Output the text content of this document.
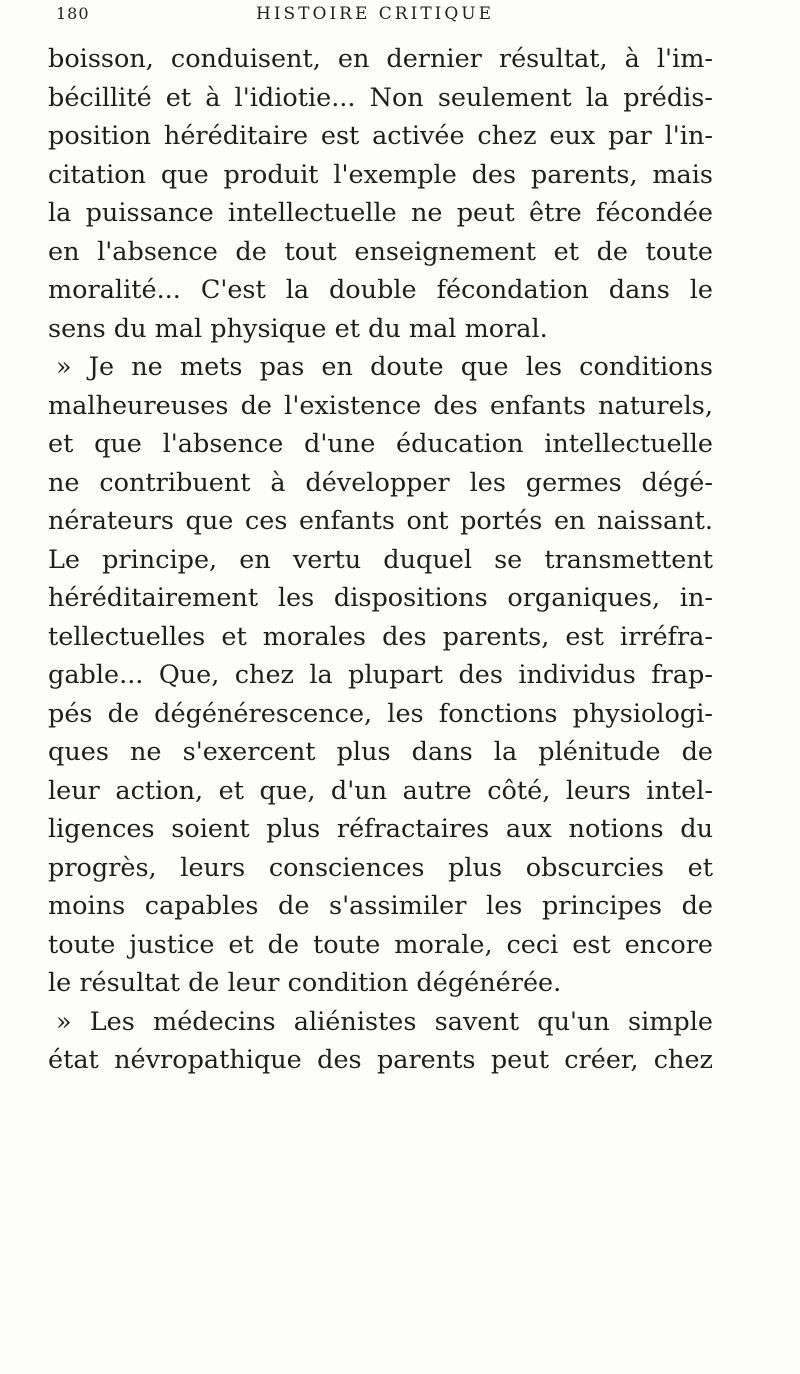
180	HISTOIRE CRITIQUE
boisson, conduisent, en dernier résultat, à l'im-
bécillité et à l'idiotie... Non seulement la prédis-
position héréditaire est activée chez eux par l'in-
citation que produit l'exemple des parents, mais
la puissance intellectuelle ne peut être fécondée
en l'absence de tout enseignement et de toute
moralité... C'est la double fécondation dans le
sens du mal physique et du mal moral.
» Je ne mets pas en doute que les conditions
malheureuses de l'existence des enfants naturels,
et que l'absence d'une éducation intellectuelle
ne contribuent à développer les germes dégé-
nérateurs que ces enfants ont portés en naissant.
Le principe, en vertu duquel se transmettent
héréditairement les dispositions organiques, in-
tellectuelles et morales des parents, est irréfra-
gable... Que, chez la plupart des individus frap-
pés de dégénérescence, les fonctions physiologi-
ques ne s'exercent plus dans la plénitude de
leur action, et que, d'un autre côté, leurs intel-
ligences soient plus réfractaires aux notions du
progrès, leurs consciences plus obscurcies et
moins capables de s'assimiler les principes de
toute justice et de toute morale, ceci est encore
le résultat de leur condition dégénérée.
» Les médecins aliénistes savent qu'un simple
état névropathique des parents peut créer, chez
